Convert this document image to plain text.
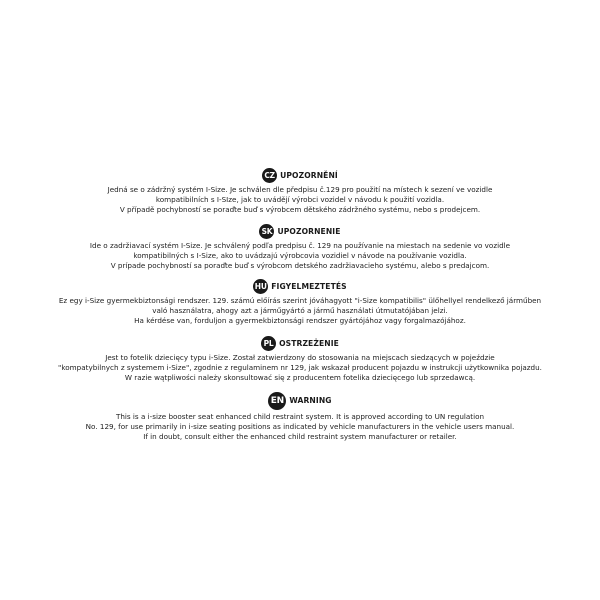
CZ UPOZORNĚNÍ
Jedná se o zádržný systém I-Size. Je schválen dle předpisu č.129 pro použití na místech k sezení ve vozidle
kompatibilních s I-SIze, jak to uvádějí výrobci vozidel v návodu k použití vozidla.
V případě pochybností se poraďte buď s výrobcem dětského zádržného systému, nebo s prodejcem.
SK UPOZORNENIE
Ide o zadržiavací systém I-Size. Je schválený podľa predpisu č. 129 na používanie na miestach na sedenie vo vozidle
kompatibilných s I-Size, ako to uvádzajú výrobcovia vozidiel v návode na používanie vozidla.
V prípade pochybností sa poraďte buď s výrobcom detského zadržiavacieho systému, alebo s predajcom.
HU FIGYELMEZTETÉS
Ez egy i-Size gyermekbiztonsági rendszer. 129. számú előírás szerint jóváhagyott "i-Size kompatibilis" ülőhellyel rendelkező járműben
való használatra, ahogy azt a járműgyártó a jármű használati útmutatójában jelzi.
Ha kérdése van, forduljon a gyermekbiztonsági rendszer gyártójához vagy forgalmazójához.
PL OSTRZEŻENIE
Jest to fotelik dziecięcy typu i-Size. Został zatwierdzony do stosowania na miejscach siedzących w pojeździe
"kompatybilnych z systemem i-Size", zgodnie z regulaminem nr 129, jak wskazał producent pojazdu w instrukcji użytkownika pojazdu.
W razie wątpliwości należy skonsultować się z producentem fotelika dziecięcego lub sprzedawcą.
EN WARNING
This is a i-size booster seat enhanced child restraint system. It is approved according to UN regulation
No. 129, for use primarily in i-size seating positions as indicated by vehicle manufacturers in the vehicle users manual.
If in doubt, consult either the enhanced child restraint system manufacturer or retailer.
